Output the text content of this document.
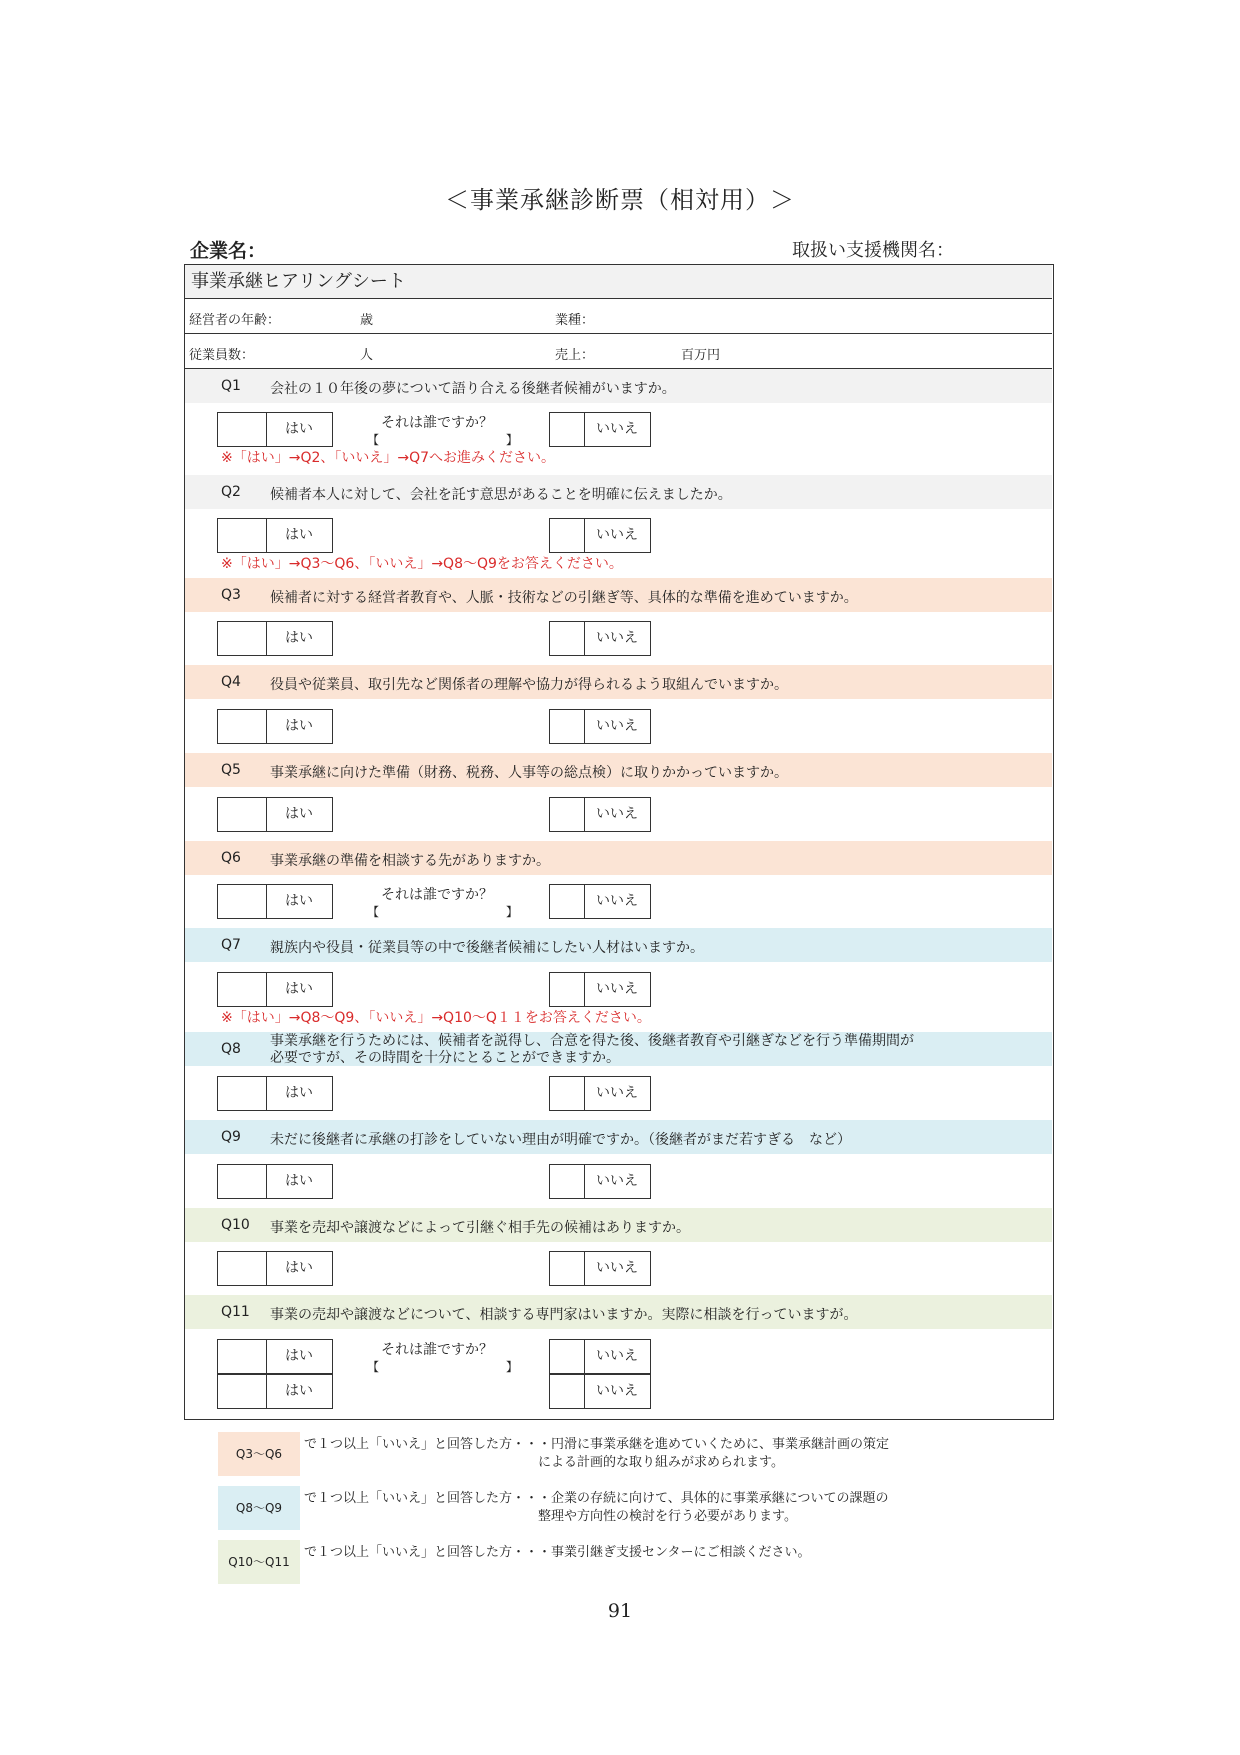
＜事業承継診断票（相対用）＞
企業名：	取扱い支援機関名：
事業承継ヒアリングシート
経営者の年齢：	歳	業種：
従業員数：	人	売上：	百万円
Q1 会社の１０年後の夢について語り合える後継者候補がいますか。
はい	それは誰ですか？
【	】
いいえ
※「はい」→Q2、「いいえ」→Q7へお進みください。
Q2 候補者本人に対して、会社を託す意思があることを明確に伝えましたか。
はい	いいえ
※「はい」→Q3～Q6、「いいえ」→Q8～Q9をお答えください。
Q3 候補者に対する経営者教育や、人脈・技術などの引継ぎ等、具体的な準備を進めていますか。
はい	いいえ
Q4 役員や従業員、取引先など関係者の理解や協力が得られるよう取組んでいますか。
はい	いいえ
Q5 事業承継に向けた準備（財務、税務、人事等の総点検）に取りかかっていますか。
はい	いいえ
Q6 事業承継の準備を相談する先がありますか。
はい	それは誰ですか？
【	】
いいえ
Q7 親族内や役員・従業員等の中で後継者候補にしたい人材はいますか。
はい	いいえ
※「はい」→Q8～Q9、「いいえ」→Q10～Q１１をお答えください。
Q8 事業承継を行うためには、候補者を説得し、合意を得た後、後継者教育や引継ぎなどを行う準備期間が
必要ですが、その時間を十分にとることができますか。
はい	いいえ
Q9 未だに後継者に承継の打診をしていない理由が明確ですか。（後継者がまだ若すぎる　など）
はい	いいえ
Q10 事業を売却や譲渡などによって引継ぐ相手先の候補はありますか。
はい	いいえ
Q11 事業の売却や譲渡などについて、相談する専門家はいますか。実際に相談を行っていますが。
はい
はい
それは誰ですか？
【	】
いいえ
いいえ
Q3～Q6
で１つ以上「いいえ」と回答した方・・・円滑に事業承継を進めていくために、事業承継計画の策定
　　　　　　　　　　　　　　　　　　による計画的な取り組みが求められます。
Q8～Q9
で１つ以上「いいえ」と回答した方・・・企業の存続に向けて、具体的に事業承継についての課題の
　　　　　　　　　　　　　　　　　　整理や方向性の検討を行う必要があります。
Q10～Q11
で１つ以上「いいえ」と回答した方・・・事業引継ぎ支援センターにご相談ください。
91
